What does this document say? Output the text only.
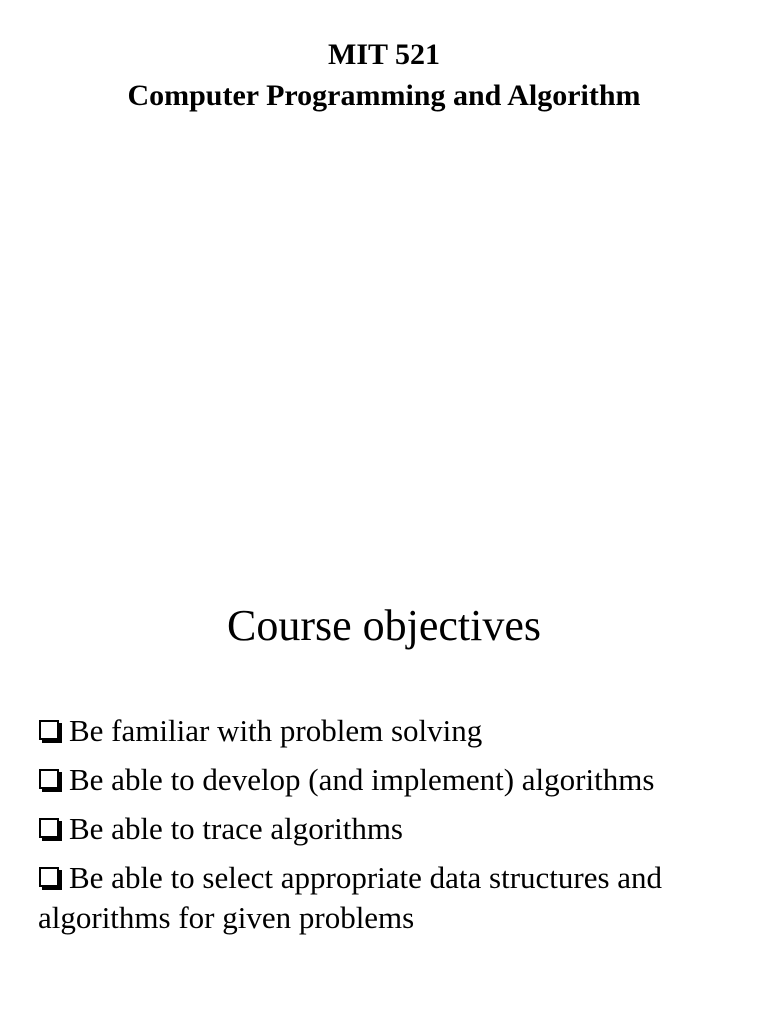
MIT 521
Computer Programming and Algorithm
Course objectives
Be familiar with problem solving
Be able to develop (and implement) algorithms
Be able to trace algorithms
Be able to select appropriate data structures and algorithms for given problems
